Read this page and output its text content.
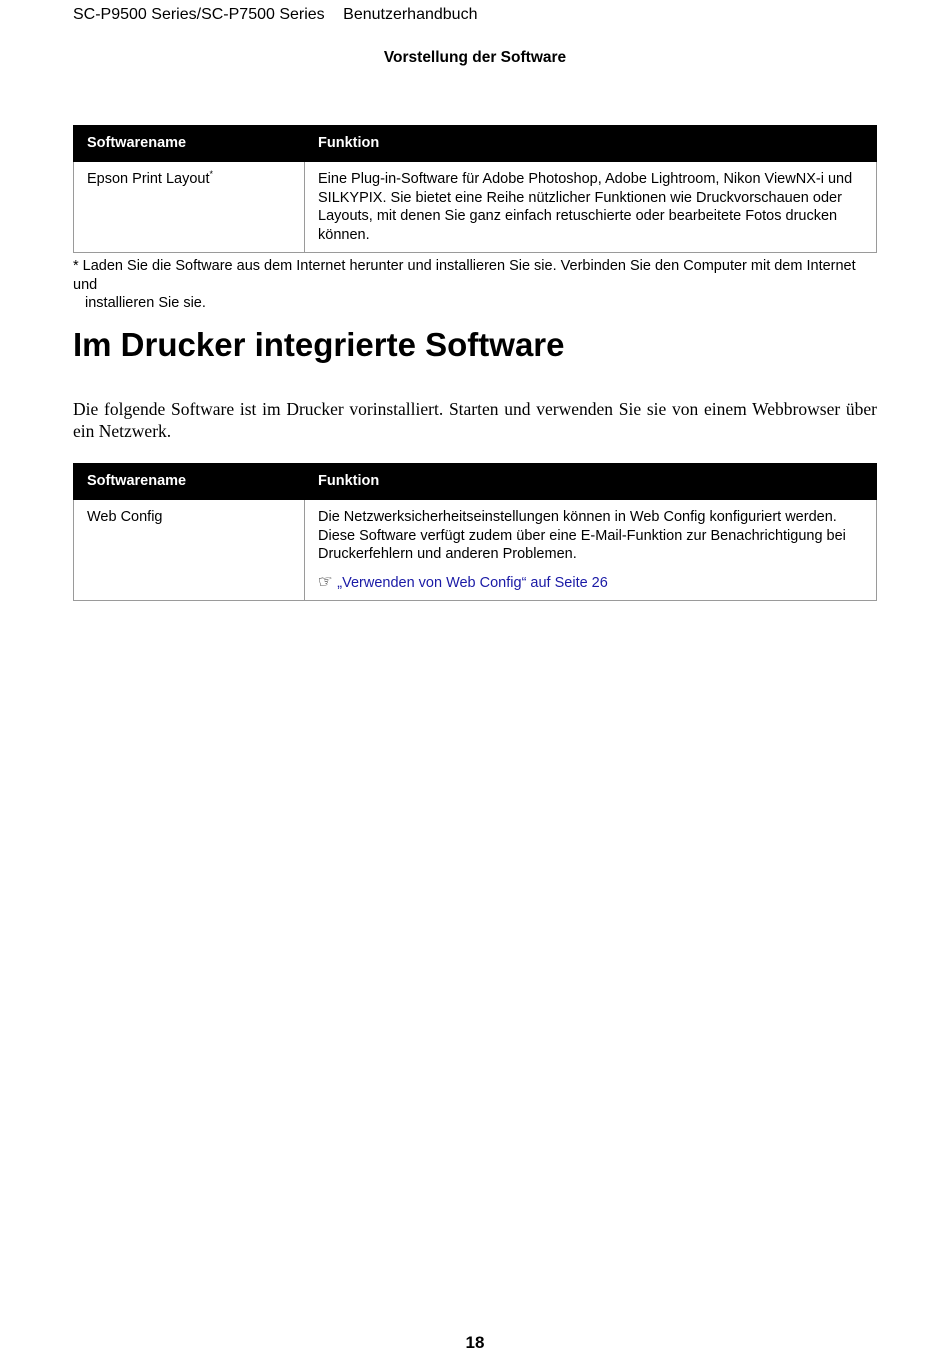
SC-P9500 Series/SC-P7500 Series Benutzerhandbuch
Vorstellung der Software
Softwarename	Funktion
Epson Print Layout*	Eine Plug-in-Software für Adobe Photoshop, Adobe Lightroom, Nikon ViewNX-i und SILKYPIX. Sie bietet eine Reihe nützlicher Funktionen wie Druckvorschauen oder Layouts, mit denen Sie ganz einfach retuschierte oder bearbeitete Fotos drucken können.
* Laden Sie die Software aus dem Internet herunter und installieren Sie sie. Verbinden Sie den Computer mit dem Internet und
installieren Sie sie.
Im Drucker integrierte Software

Die folgende Software ist im Drucker vorinstalliert. Starten und verwenden Sie sie von einem Webbrowser über ein Netzwerk.

Softwarename	Funktion
Web Config	Die Netzwerksicherheitseinstellungen können in Web Config konfiguriert werden. Diese Software verfügt zudem über eine E-Mail-Funktion zur Benachrichtigung bei Druckerfehlern und anderen Problemen.
☞ „Verwenden von Web Config“ auf Seite 26
18
